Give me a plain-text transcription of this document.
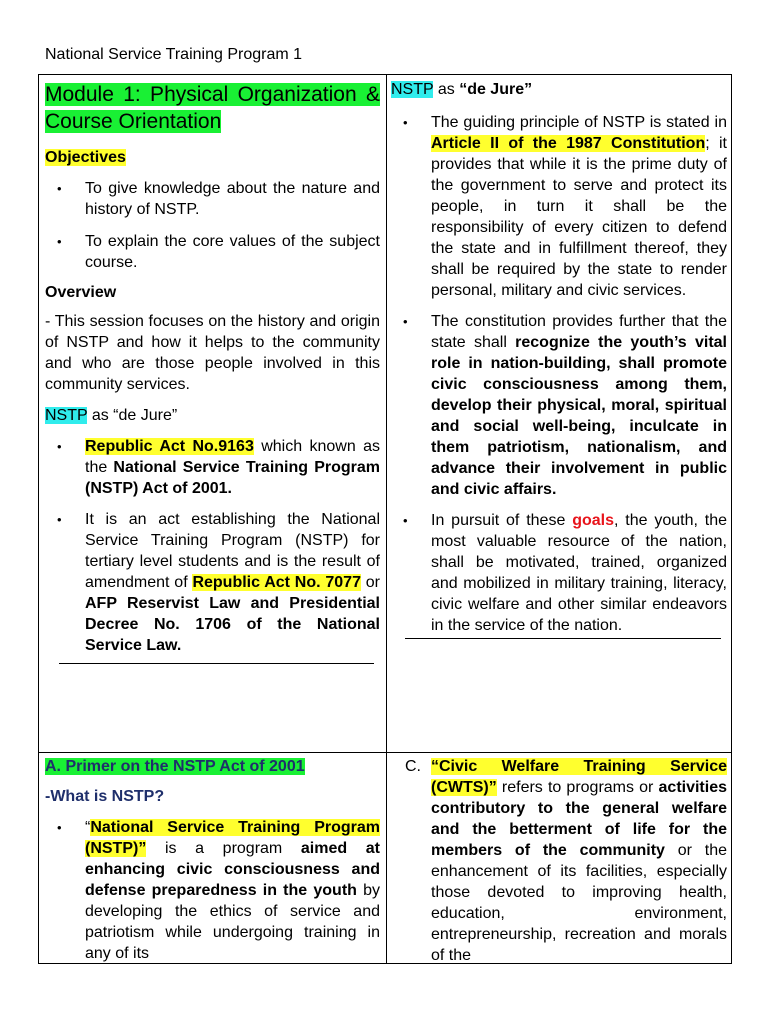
National Service Training Program 1
Module 1: Physical Organization & Course Orientation

Objectives

• To give knowledge about the nature and history of NSTP.
• To explain the core values of the subject course.

Overview

- This session focuses on the history and origin of NSTP and how it helps to the community and who are those people involved in this community services.

NSTP as “de Jure”

• Republic Act No.9163 which known as the National Service Training Program (NSTP) Act of 2001.
• It is an act establishing the National Service Training Program (NSTP) for tertiary level students and is the result of amendment of Republic Act No. 7077 or AFP Reservist Law and Presidential Decree No. 1706 of the National Service Law.

NSTP as “de Jure”

• The guiding principle of NSTP is stated in Article II of the 1987 Constitution; it provides that while it is the prime duty of the government to serve and protect its people, in turn it shall be the responsibility of every citizen to defend the state and in fulfillment thereof, they shall be required by the state to render personal, military and civic services.
• The constitution provides further that the state shall recognize the youth’s vital role in nation-building, shall promote civic consciousness among them, develop their physical, moral, spiritual and social well-being, inculcate in them patriotism, nationalism, and advance their involvement in public and civic affairs.
• In pursuit of these goals, the youth, the most valuable resource of the nation, shall be motivated, trained, organized and mobilized in military training, literacy, civic welfare and other similar endeavors in the service of the nation.

A. Primer on the NSTP Act of 2001

-What is NSTP?

• “National Service Training Program (NSTP)” is a program aimed at enhancing civic consciousness and defense preparedness in the youth by developing the ethics of service and patriotism while undergoing training in any of its

C. “Civic Welfare Training Service (CWTS)” refers to programs or activities contributory to the general welfare and the betterment of life for the members of the community or the enhancement of its facilities, especially those devoted to improving health, education, environment, entrepreneurship, recreation and morals of the
